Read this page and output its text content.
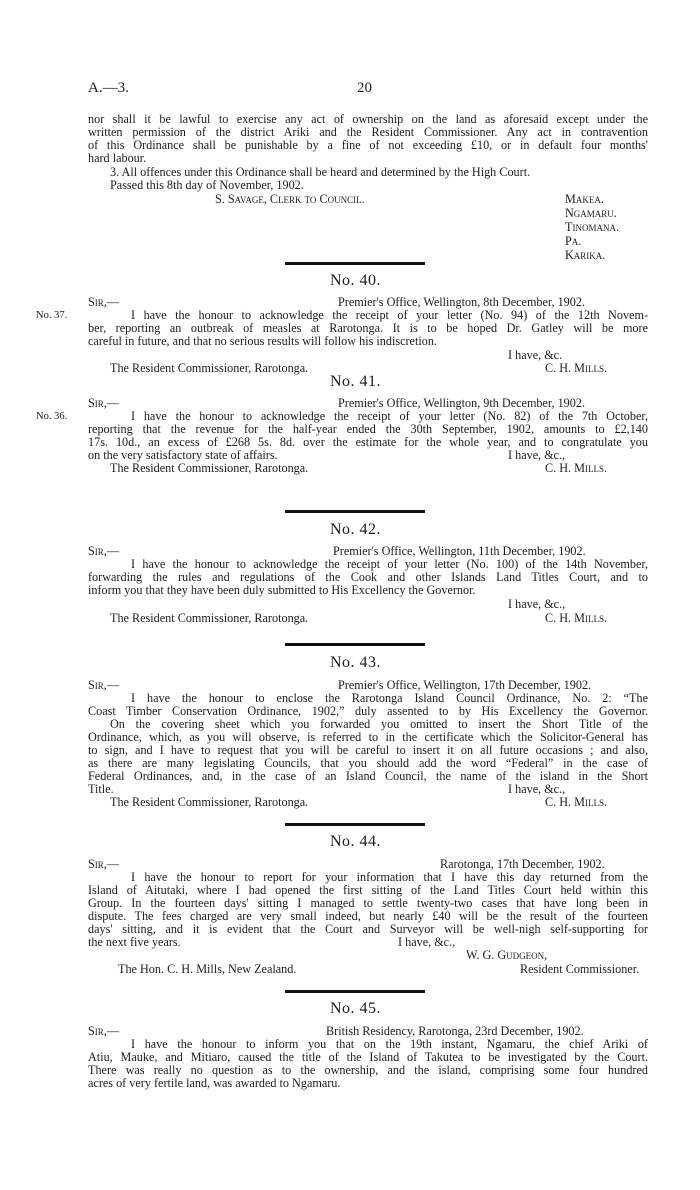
A.—3.	20
nor shall it be lawful to exercise any act of ownership on the land as aforesaid except under the
written permission of the district Ariki and the Resident Commissioner. Any act in contravention
of this Ordinance shall be punishable by a fine of not exceeding £10, or in default four months'
hard labour.
3. All offences under this Ordinance shall be heard and determined by the High Court.
Passed this 8th day of November, 1902.
S. Savage, Clerk to Council.	Makea.
Ngamaru.
Tinomana.
Pa.
Karika.
No. 40.
Sir,—	Premier's Office, Wellington, 8th December, 1902.
No. 37.	I have the honour to acknowledge the receipt of your letter (No. 94) of the 12th Novem-
ber, reporting an outbreak of measles at Rarotonga. It is to be hoped Dr. Gatley will be more
careful in future, and that no serious results will follow his indiscretion.
I have, &c.
The Resident Commissioner, Rarotonga.	C. H. Mills.
No. 41.
Sir,—	Premier's Office, Wellington, 9th December, 1902.
No. 36.	I have the honour to acknowledge the receipt of your letter (No. 82) of the 7th October,
reporting that the revenue for the half-year ended the 30th September, 1902, amounts to £2,140
17s. 10d., an excess of £268 5s. 8d. over the estimate for the whole year, and to congratulate you
on the very satisfactory state of affairs.	I have, &c.,
The Resident Commissioner, Rarotonga.	C. H. Mills.
No. 42.
Sir,—	Premier's Office, Wellington, 11th December, 1902.
I have the honour to acknowledge the receipt of your letter (No. 100) of the 14th November,
forwarding the rules and regulations of the Cook and other Islands Land Titles Court, and to
inform you that they have been duly submitted to His Excellency the Governor.
I have, &c.,
The Resident Commissioner, Rarotonga.	C. H. Mills.
No. 43.
Sir,—	Premier's Office, Wellington, 17th December, 1902.
I have the honour to enclose the Rarotonga Island Council Ordinance, No. 2: “The
Coast Timber Conservation Ordinance, 1902,” duly assented to by His Excellency the Governor.
On the covering sheet which you forwarded you omitted to insert the Short Title of the
Ordinance, which, as you will observe, is referred to in the certificate which the Solicitor-General has
to sign, and I have to request that you will be careful to insert it on all future occasions ; and also,
as there are many legislating Councils, that you should add the word “Federal” in the case of
Federal Ordinances, and, in the case of an Island Council, the name of the island in the Short
Title.	I have, &c.,
The Resident Commissioner, Rarotonga.	C. H. Mills.
No. 44.
Sir,—	Rarotonga, 17th December, 1902.
I have the honour to report for your information that I have this day returned from the
Island of Aitutaki, where I had opened the first sitting of the Land Titles Court held within this
Group. In the fourteen days' sitting I managed to settle twenty-two cases that have long been in
dispute. The fees charged are very small indeed, but nearly £40 will be the result of the fourteen
days' sitting, and it is evident that the Court and Surveyor will be well-nigh self-supporting for
the next five years.	I have, &c.,
W. G. Gudgeon,
The Hon. C. H. Mills, New Zealand.	Resident Commissioner.
No. 45.
Sir,—	British Residency, Rarotonga, 23rd December, 1902.
I have the honour to inform you that on the 19th instant, Ngamaru, the chief Ariki of
Atiu, Mauke, and Mitiaro, caused the title of the Island of Takutea to be investigated by the Court.
There was really no question as to the ownership, and the island, comprising some four hundred
acres of very fertile land, was awarded to Ngamaru.
